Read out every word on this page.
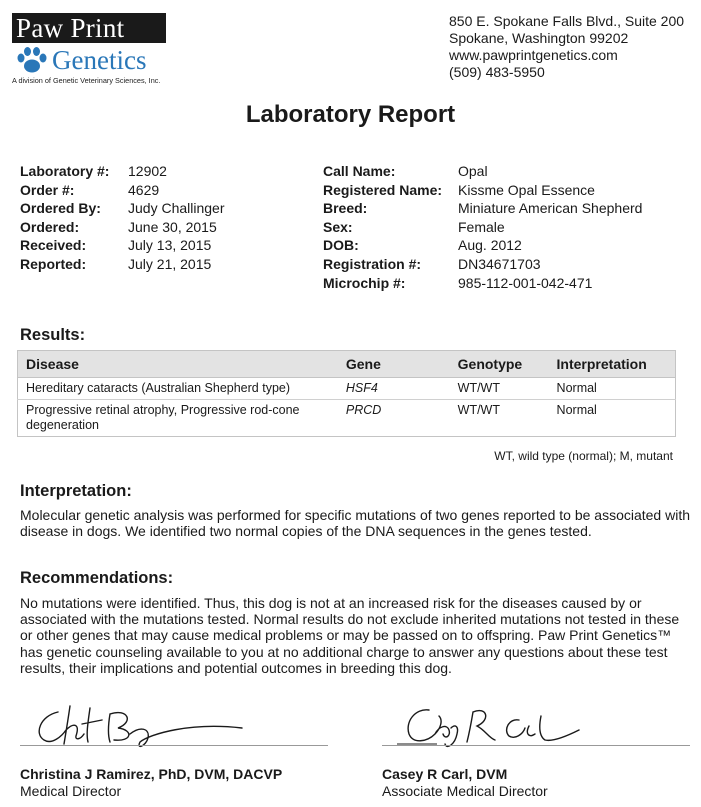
Paw Print
Genetics
A division of Genetic Veterinary Sciences, Inc.
850 E. Spokane Falls Blvd., Suite 200
Spokane, Washington 99202
www.pawprintgenetics.com
(509) 483-5950
Laboratory Report
Laboratory #: 12902
Order #:	4629
Ordered By: Judy Challinger
Ordered:	June 30, 2015
Received:	July 13, 2015
Reported:	July 21, 2015
Call Name:	Opal
Registered Name: Kissme Opal Essence
Breed:	Miniature American Shepherd
Sex:	Female
DOB:	Aug. 2012
Registration #:	DN34671703
Microchip #:	985-112-001-042-471
Results:
Disease	Gene	Genotype	Interpretation
Hereditary cataracts (Australian Shepherd type)	HSF4	WT/WT	Normal
Progressive retinal atrophy, Progressive rod-cone degeneration	PRCD	WT/WT	Normal
WT, wild type (normal); M, mutant
Interpretation:
Molecular genetic analysis was performed for specific mutations of two genes reported to be associated with disease in dogs. We identified two normal copies of the DNA sequences in the genes tested.
Recommendations:
No mutations were identified. Thus, this dog is not at an increased risk for the diseases caused by or associated with the mutations tested. Normal results do not exclude inherited mutations not tested in these or other genes that may cause medical problems or may be passed on to offspring. Paw Print Genetics™ has genetic counseling available to you at no additional charge to answer any questions about these test results, their implications and potential outcomes in breeding this dog.
Christina J Ramirez, PhD, DVM, DACVP
Medical Director
Casey R Carl, DVM
Associate Medical Director
